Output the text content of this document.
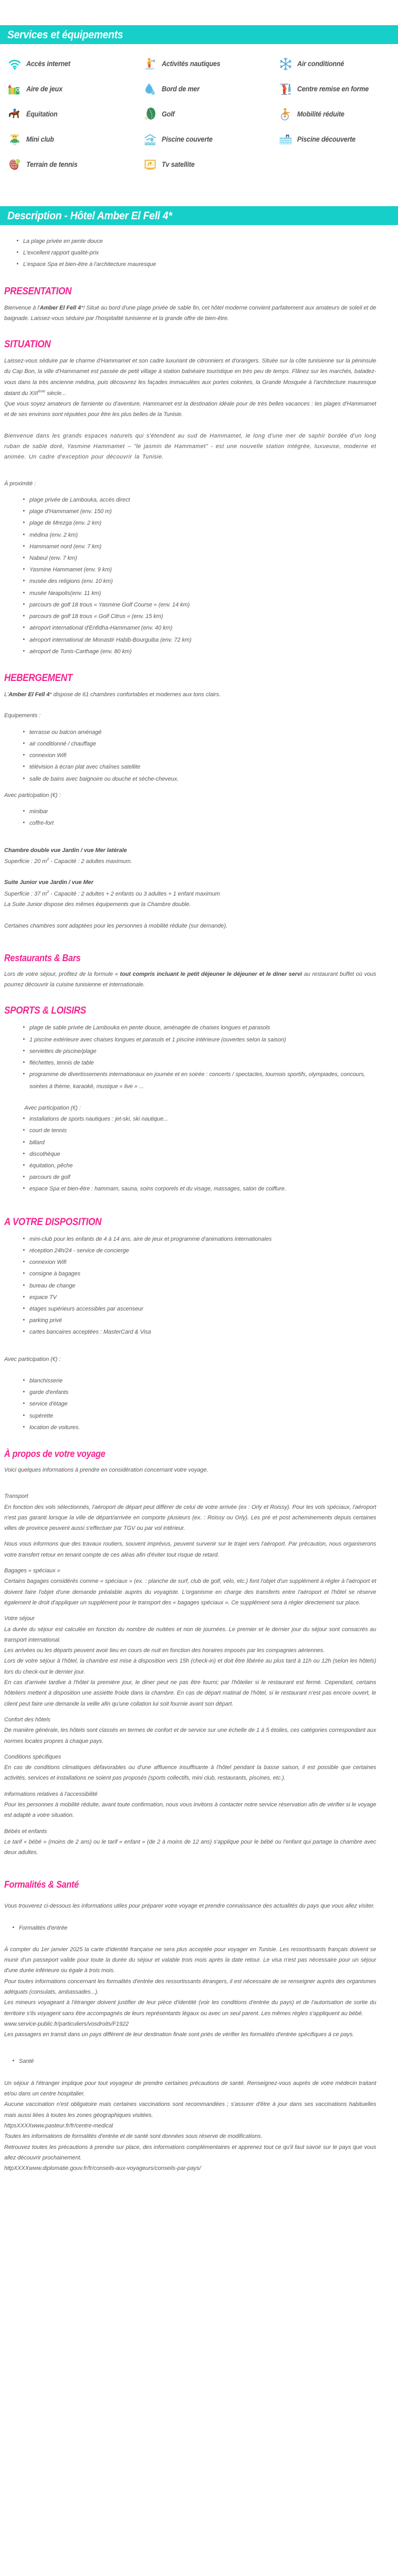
Services et équipements
Accès internet	Activités nautiques	Air conditionné
Aire de jeux	Bord de mer	Centre remise en forme
Équitation	Golf	Mobilité réduite
Mini club	Piscine couverte	Piscine découverte
Terrain de tennis	Tv satellite
Description - Hôtel Amber El Fell 4*
• La plage privée en pente douce
• L'excellent rapport qualité-prix
• L'espace Spa et bien-être à l'architecture mauresque
PRESENTATION

Bienvenue à l'Amber El Fell 4*! Situé au bord d'une plage privée de sable fin, cet hôtel moderne convient parfaitement aux amateurs de soleil et de baignade. Laissez-vous séduire par l'hospitalité tunisienne et la grande offre de bien-être.

SITUATION

Laissez-vous séduire par le charme d'Hammamet et son cadre luxuriant de citronniers et d'orangers. Située sur la côte tunisienne sur la péninsule du Cap Bon, la ville d'Hammamet est passée de petit village à station balnéaire touristique en très peu de temps. Flânez sur les marchés, baladez-vous dans la très ancienne médina, puis découvrez les façades immaculées aux portes colorées, la Grande Mosquée à l'architecture mauresque datant du XIIIème siècle...

Que vous soyez amateurs de farniente ou d'aventure, Hammamet est la destination idéale pour de très belles vacances : les plages d'Hammamet et de ses environs sont réputées pour être les plus belles de la Tunisie.

Bienvenue dans les grands espaces naturels qui s'étendent au sud de Hammamet, le long d'une mer de saphir bordée d'un long ruban de sable doré, Yasmine Hammamet – "le jasmin de Hammamet" - est une nouvelle station intégrée, luxueuse, moderne et animée. Un cadre d'exception pour découvrir la Tunisie.

À proximité :

• plage privée de Lambouka, accès direct
• plage d'Hammamet (env. 150 m)
• plage de Mrezga (env. 2 km)
• médina (env. 2 km)
• Hammamet nord (env. 7 km)
• Nabeul (env. 7 km)
• Yasmine Hammamet (env. 9 km)
• musée des religions (env. 10 km)
• musée Neapolis(env. 11 km)
• parcours de golf 18 trous « Yasmine Golf Course « (env. 14 km)
• parcours de golf 18 trous « Golf Citrus « (env. 15 km)
• aéroport international d'Enfidha-Hammamet (env. 40 km)
• aéroport international de Monastir Habib-Bourguiba (env. 72 km)
• aéroport de Tunis-Carthage (env. 80 km)
HEBERGEMENT

L'Amber El Fell 4* dispose de 61 chambres confortables et modernes aux tons clairs.

Equipements :

• terrasse ou balcon aménagé
• air conditionné / chauffage
• connexion Wifi
• télévision à écran plat avec chaînes satellite
• salle de bains avec baignoire ou douche et sèche-cheveux.

Avec participation (€) :

• minibar
• coffre-fort

Chambre double vue Jardin / vue Mer latérale

Superficie : 20 $m^2$ - Capacité : 2 adultes maximum.

Suite Junior vue Jardin / vue Mer

Superficie : 37 $m^2$ - Capacité : 2 adultes + 2 enfants ou 3 adultes + 1 enfant maximum

La Suite Junior dispose des mêmes équipements que la Chambre double.

Certaines chambres sont adaptées pour les personnes à mobilité réduite (sur demande).

Restaurants & Bars

Lors de votre séjour, profitez de la formule « tout compris incluant le petit déjeuner le déjeuner et le diner servi au restaurant buffet où vous pourrez découvrir la cuisine tunisienne et internationale.

SPORTS & LOISIRS
• plage de sable privée de Lambouka en pente douce, aménagée de chaises longues et parasols
• 1 piscine extérieure avec chaises longues et parasols et 1 piscine intérieure (ouvertes selon la saison)
• serviettes de piscine/plage
• fléchettes, tennis de table
• programme de divertissements internationaux en journée et en soirée : concerts / spectacles, tournois sportifs, olympiades, concours, soirées à thème, karaoké, musique « live » ...

Avec participation (€) :

• installations de sports nautiques : jet-ski, ski nautique...
• court de tennis
• billard
• discothèque
• équitation, pêche
• parcours de golf
• espace Spa et bien-être : hammam, sauna, soins corporels et du visage, massages, salon de coiffure.
A VOTRE DISPOSITION
• mini-club pour les enfants de 4 à 14 ans, aire de jeux et programme d'animations internationales
• réception 24h/24 - service de concierge
• connexion Wifi
• consigne à bagages
• bureau de change
• espace TV
• étages supérieurs accessibles par ascenseur
• parking privé
• cartes bancaires acceptées : MasterCard & Visa

Avec participation (€) :

• blanchisserie
• garde d'enfants
• service d'étage
• supérette
• location de voitures.
À propos de votre voyage

Voici quelques informations à prendre en considération concernant votre voyage.

Transport

En fonction des vols sélectionnés, l'aéroport de départ peut différer de celui de votre arrivée (ex : Orly et Roissy). Pour les vols spéciaux, l'aéroport n'est pas garanti lorsque la ville de départ/arrivée en comporte plusieurs (ex. : Roissy ou Orly). Les pré et post acheminements depuis certaines villes de province peuvent aussi s'effectuer par TGV ou par vol intérieur.

Nous vous informons que des travaux routiers, souvent imprévus, peuvent survenir sur le trajet vers l'aéroport. Par précaution, nous organiserons votre transfert retour en tenant compte de ces aléas afin d'éviter tout risque de retard.

Bagages « spéciaux »

Certains bagages considérés comme « spéciaux » (ex. : planche de surf, club de golf, vélo, etc.) font l'objet d'un supplément à régler à l'aéroport et doivent faire l'objet d'une demande préalable auprès du voyagiste. L'organisme en charge des transferts entre l'aéroport et l'hôtel se réserve également le droit d'appliquer un supplément pour le transport des « bagages spéciaux ». Ce supplément sera à régler directement sur place.

Votre séjour

La durée du séjour est calculée en fonction du nombre de nuitées et non de journées. Le premier et le dernier jour du séjour sont consacrés au transport international.

Les arrivées ou les départs peuvent avoir lieu en cours de nuit en fonction des horaires imposés par les compagnies aériennes.

Lors de votre séjour à l'hôtel, la chambre est mise à disposition vers 15h (check-in) et doit être libérée au plus tard à 11h ou 12h (selon les hôtels) lors du check-out le dernier jour.

En cas d'arrivée tardive à l'hôtel la première jour, le diner peut ne pas être fourni; par l'hôtelier si le restaurant est fermé. Cependant, certains hôteliers mettent à disposition une assiette froide dans la chambre. En cas de départ matinal de l'hôtel, si le restaurant n'est pas encore ouvert, le client peut faire une demande la veille afin qu'une collation lui soit fournie avant son départ.

Confort des hôtels

De manière générale, les hôtels sont classés en termes de confort et de service sur une échelle de 1 à 5 étoiles, ces catégories correspondant aux normes locales propres à chaque pays.

Conditions spécifiques

En cas de conditions climatiques défavorables ou d'une affluence insuffisante à l'hôtel pendant la basse saison, il est possible que certaines activités, services et installations ne soient pas proposés (sports collectifs, mini club, restaurants, piscines, etc.).

Informations relatives à l'accessibilité

Pour les personnes à mobilité réduite, avant toute confirmation, nous vous invitons à contacter notre service réservation afin de vérifier si le voyage est adapté a votre situation.

Bébés et enfants

Le tarif « bébé » (moins de 2 ans) ou le tarif « enfant » (de 2 à moins de 12 ans) s'applique pour le bébé ou l'enfant qui partage la chambre avec deux adultes.

Formalités & Santé

Vous trouverez ci-dessous les informations utiles pour préparer votre voyage et prendre connaissance des actualités du pays que vous allez visiter.

• Formalités d'entrée

À compter du 1er janvier 2025 la carte d'identité française ne sera plus acceptée pour voyager en Tunisie. Les ressortissants français doivent se munir d'un passeport valide pour toute la durée du séjour et valable trois mois après la date retour. Le visa n'est pas nécessaire pour un séjour d'une durée inférieure ou égale à trois mois.

Pour toutes informations concernant les formalités d'entrée des ressortissants étrangers, il est nécessaire de se renseigner auprès des organismes adéquats (consulats, ambassades...).

Les mineurs voyageant à l'étranger doivent justifier de leur pièce d'identité (voir les conditions d'entrée du pays) et de l'autorisation de sortie du territoire s'ils voyagent sans être accompagnés de leurs représentants légaux ou avec un seul parent. Les mêmes règles s'appliquent au bébé.

www.service-public.fr/particuliers/vosdroits/F1922

Les passagers en transit dans un pays différent de leur destination finale sont priés de vérifier les formalités d'entrée spécifiques à ce pays.

• Santé

Un séjour à l'étranger implique pour tout voyageur de prendre certaines précautions de santé. Renseignez-vous auprès de votre médecin traitant et/ou dans un centre hospitalier.

Aucune vaccination n'est obligatoire mais certaines vaccinations sont recommandées ; s'assurer d'être à jour dans ses vaccinations habituelles mais aussi liées à toutes les zones géographiques visitées.

httpsXXXXwww.pasteur.fr/fr/centre-medical

Toutes les informations de formalités d'entrée et de santé sont données sous réserve de modifications.

Retrouvez toutes les précautions à prendre sur place, des informations complémentaires et apprenez tout ce qu'il faut savoir sur le pays que vous allez découvrir prochainement.

httpXXXXwww.diplomatie.gouv.fr/fr/conseils-aux-voyageurs/conseils-par-pays/
